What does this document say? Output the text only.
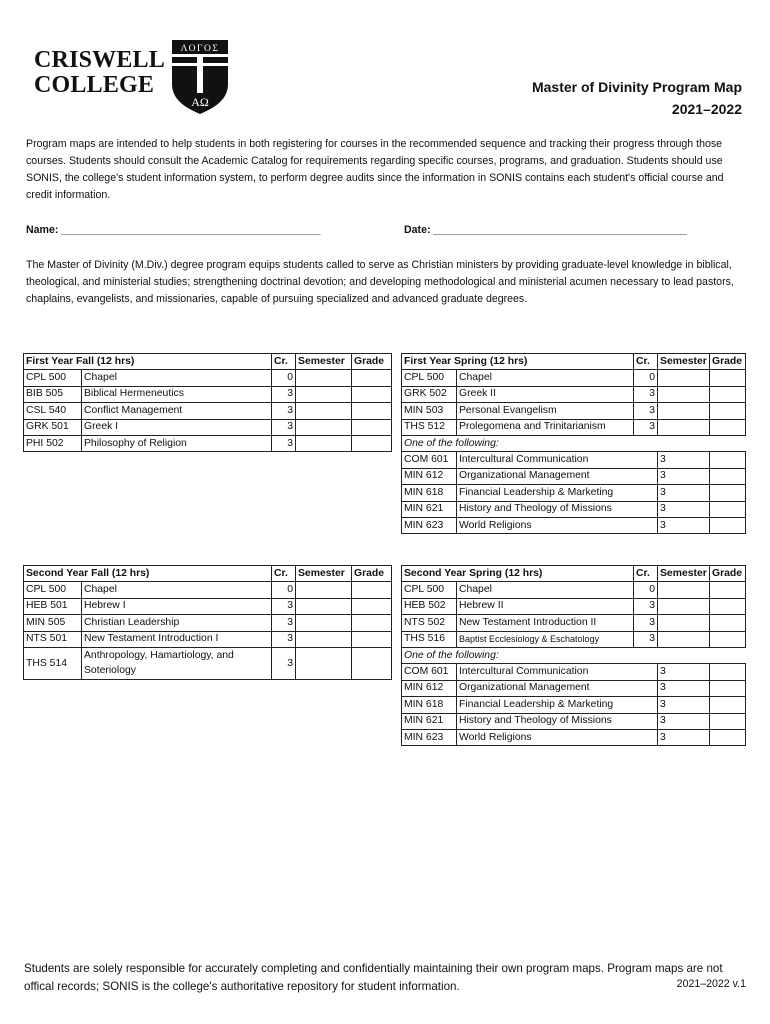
CRISWELL
COLLEGE
ΛΟΓΟΣ
AΩ
Master of Divinity Program Map
2021–2022
Program maps are intended to help students in both registering for courses in the recommended sequence and tracking their progress through those courses. Students should consult the Academic Catalog for requirements regarding specific courses, programs, and graduation. Students should use SONIS, the college's student information system, to perform degree audits since the information in SONIS contains each student's official course and credit information.
Name: ____________________________________________	Date: ___________________________________________
The Master of Divinity (M.Div.) degree program equips students called to serve as Christian ministers by providing graduate-level knowledge in biblical, theological, and ministerial studies; strengthening doctrinal devotion; and developing methodological and ministerial acumen necessary to lead pastors, chaplains, evangelists, and missionaries, capable of pursuing specialized and advanced graduate degrees.
First Year Fall (12 hrs)		Cr.	Semester	Grade
CPL 500	Chapel	0		
BIB 505	Biblical Hermeneutics	3		
CSL 540	Conflict Management	3		
GRK 501	Greek I	3		
PHI 502	Philosophy of Religion	3		
First Year Spring (12 hrs)		Cr.	Semester	Grade
CPL 500	Chapel	0		
GRK 502	Greek II	3		
MIN 503	Personal Evangelism	3		
THS 512	Prolegomena and Trinitarianism	3		
One of the following:				
COM 601	Intercultural Communication		3	
MIN 612	Organizational Management		3	
MIN 618	Financial Leadership & Marketing		3	
MIN 621	History and Theology of Missions		3	
MIN 623	World Religions		3	
Second Year Fall (12 hrs)		Cr.	Semester	Grade
CPL 500	Chapel	0		
HEB 501	Hebrew I	3		
MIN 505	Christian Leadership	3		
NTS 501	New Testament Introduction I	3		
THS 514	Anthropology, Hamartiology, and Soteriology	3		
Second Year Spring (12 hrs)		Cr.	Semester	Grade
CPL 500	Chapel	0		
HEB 502	Hebrew II	3		
NTS 502	New Testament Introduction II	3		
THS 516	Baptist Ecclesiology & Eschatology	3		
One of the following:				
COM 601	Intercultural Communication		3	
MIN 612	Organizational Management		3	
MIN 618	Financial Leadership & Marketing		3	
MIN 621	History and Theology of Missions		3	
MIN 623	World Religions		3	
Students are solely responsible for accurately completing and confidentially maintaining their own program maps. Program maps are not offical records; SONIS is the college's authoritative repository for student information.	2021–2022 v.1
